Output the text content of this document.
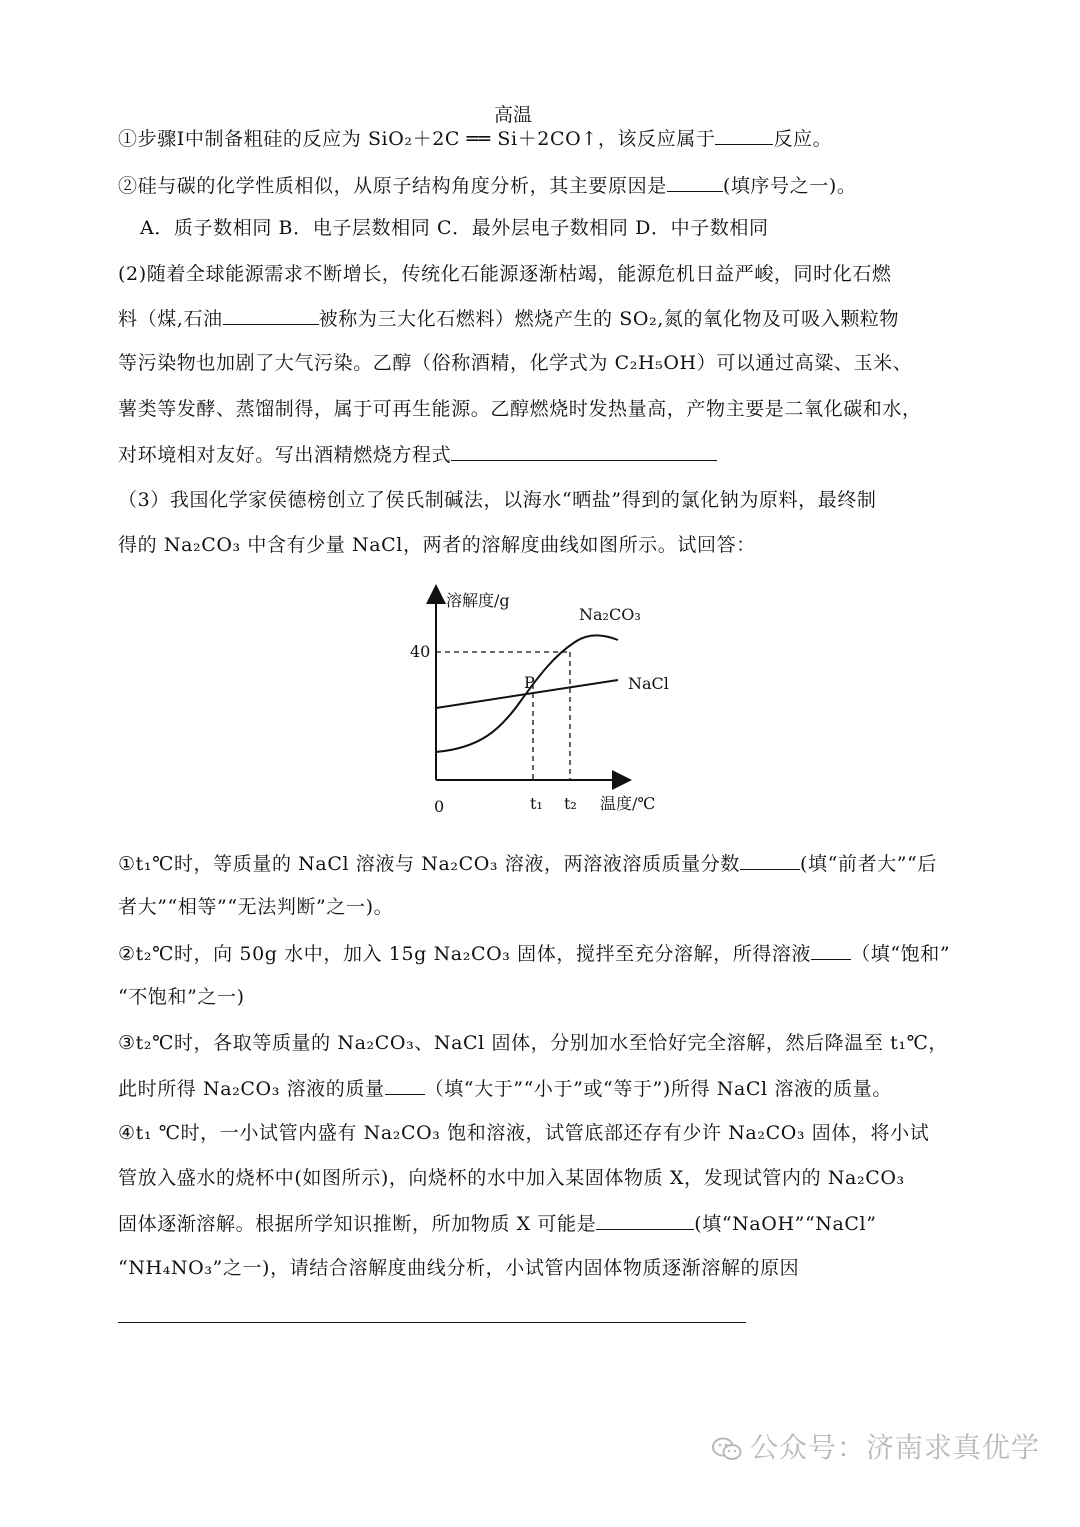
高温
①步骤Ⅰ中制备粗硅的反应为 SiO₂＋2C ══ Si＋2CO↑，该反应属于	反应。
②硅与碳的化学性质相似，从原子结构角度分析，其主要原因是	(填序号之一)。
A．质子数相同 B．电子层数相同 C．最外层电子数相同 D．中子数相同
(2)随着全球能源需求不断增长，传统化石能源逐渐枯竭，能源危机日益严峻，同时化石燃
料（煤,石油	被称为三大化石燃料）燃烧产生的 SO₂,氮的氧化物及可吸入颗粒物
等污染物也加剧了大气污染。乙醇（俗称酒精，化学式为 C₂H₅OH）可以通过高粱、玉米、
薯类等发酵、蒸馏制得，属于可再生能源。乙醇燃烧时发热量高，产物主要是二氧化碳和水，
对环境相对友好。写出酒精燃烧方程式
（3）我国化学家侯德榜创立了侯氏制碱法，以海水“晒盐”得到的氯化钠为原料，最终制
得的 Na₂CO₃ 中含有少量 NaCl，两者的溶解度曲线如图所示。试回答：
溶解度/g
温度/℃
0
40
t₁ t₂
P
Na₂CO₃
NaCl
①t₁℃时，等质量的 NaCl 溶液与 Na₂CO₃ 溶液，两溶液溶质质量分数	(填“前者大”“后
者大”“相等”“无法判断”之一)。
②t₂℃时，向 50g 水中，加入 15g Na₂CO₃ 固体，搅拌至充分溶解，所得溶液 （填“饱和”
“不饱和”之一)
③t₂℃时，各取等质量的 Na₂CO₃、NaCl 固体，分别加水至恰好完全溶解，然后降温至 t₁℃，
此时所得 Na₂CO₃ 溶液的质量 （填“大于”“小于”或“等于”)所得 NaCl 溶液的质量。
④t₁ ℃时，一小试管内盛有 Na₂CO₃ 饱和溶液，试管底部还存有少许 Na₂CO₃ 固体，将小试
管放入盛水的烧杯中(如图所示)，向烧杯的水中加入某固体物质 X，发现试管内的 Na₂CO₃
固体逐渐溶解。根据所学知识推断，所加物质 X 可能是	(填“NaOH”“NaCl”
“NH₄NO₃”之一)，请结合溶解度曲线分析，小试管内固体物质逐渐溶解的原因
公众号：济南求真优学
